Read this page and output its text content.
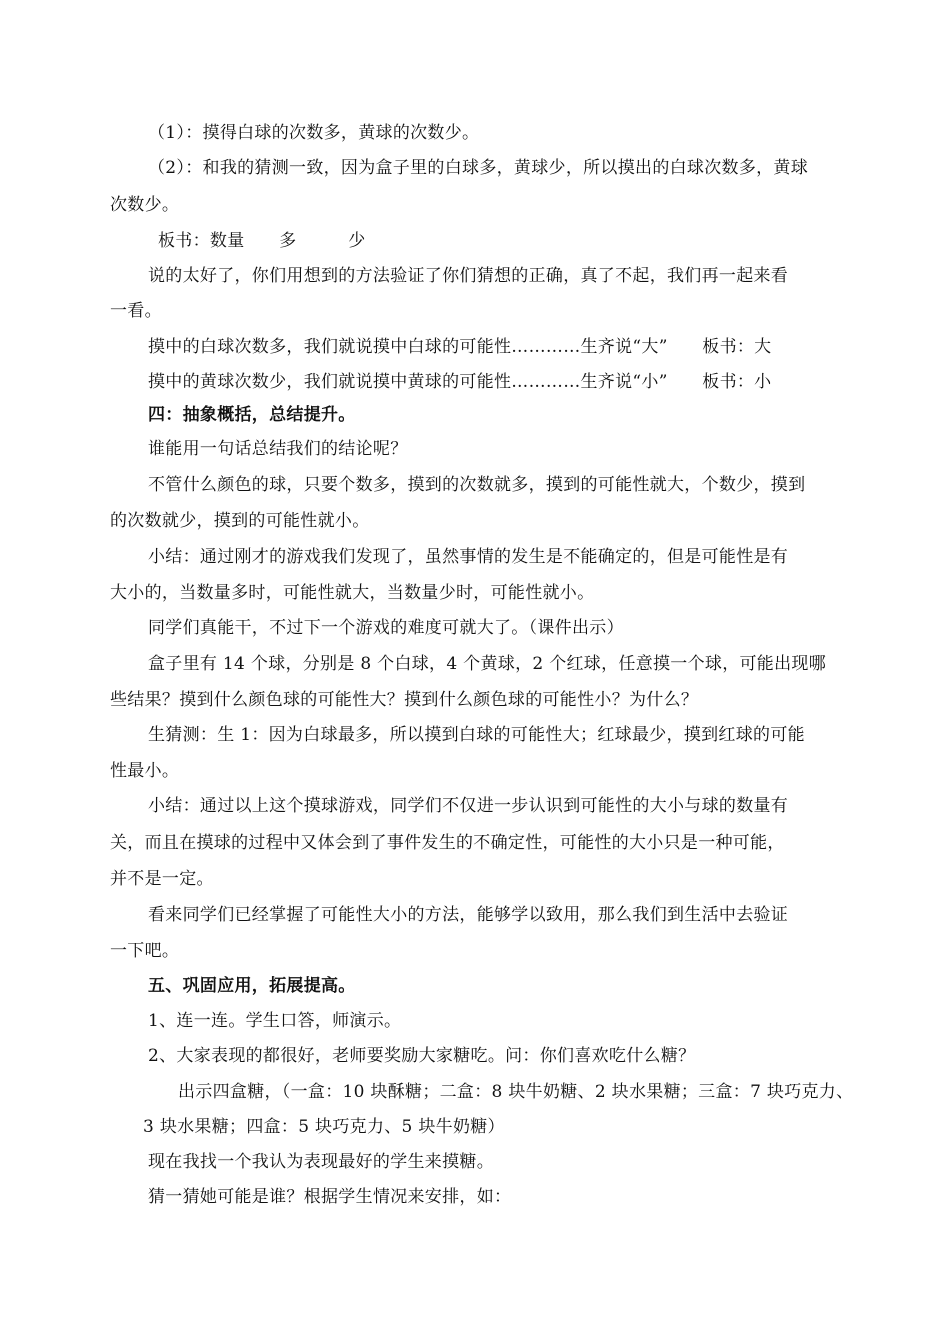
（1）：摸得白球的次数多，黄球的次数少。
（2）：和我的猜测一致，因为盒子里的白球多，黄球少，所以摸出的白球次数多，黄球
次数少。
板书：数量　　多　　　少
说的太好了，你们用想到的方法验证了你们猜想的正确，真了不起，我们再一起来看
一看。
摸中的白球次数多，我们就说摸中白球的可能性…………生齐说“大”　　板书：大
摸中的黄球次数少，我们就说摸中黄球的可能性…………生齐说“小”　　板书：小
四：抽象概括，总结提升。
谁能用一句话总结我们的结论呢？
不管什么颜色的球，只要个数多，摸到的次数就多，摸到的可能性就大，个数少，摸到
的次数就少，摸到的可能性就小。
小结：通过刚才的游戏我们发现了，虽然事情的发生是不能确定的，但是可能性是有
大小的，当数量多时，可能性就大，当数量少时，可能性就小。
同学们真能干，不过下一个游戏的难度可就大了。（课件出示）
盒子里有 14 个球，分别是 8 个白球，4 个黄球，2 个红球，任意摸一个球，可能出现哪
些结果？摸到什么颜色球的可能性大？摸到什么颜色球的可能性小？为什么？
生猜测：生 1：因为白球最多，所以摸到白球的可能性大；红球最少，摸到红球的可能
性最小。
小结：通过以上这个摸球游戏，同学们不仅进一步认识到可能性的大小与球的数量有
关，而且在摸球的过程中又体会到了事件发生的不确定性，可能性的大小只是一种可能，
并不是一定。
看来同学们已经掌握了可能性大小的方法，能够学以致用，那么我们到生活中去验证
一下吧。
五、巩固应用，拓展提高。
1、连一连。学生口答，师演示。
2、大家表现的都很好，老师要奖励大家糖吃。问：你们喜欢吃什么糖？
出示四盒糖，（一盒：10 块酥糖；二盒：8 块牛奶糖、2 块水果糖；三盒：7 块巧克力、
3 块水果糖；四盒：5 块巧克力、5 块牛奶糖）
现在我找一个我认为表现最好的学生来摸糖。
猜一猜她可能是谁？根据学生情况来安排，如：
